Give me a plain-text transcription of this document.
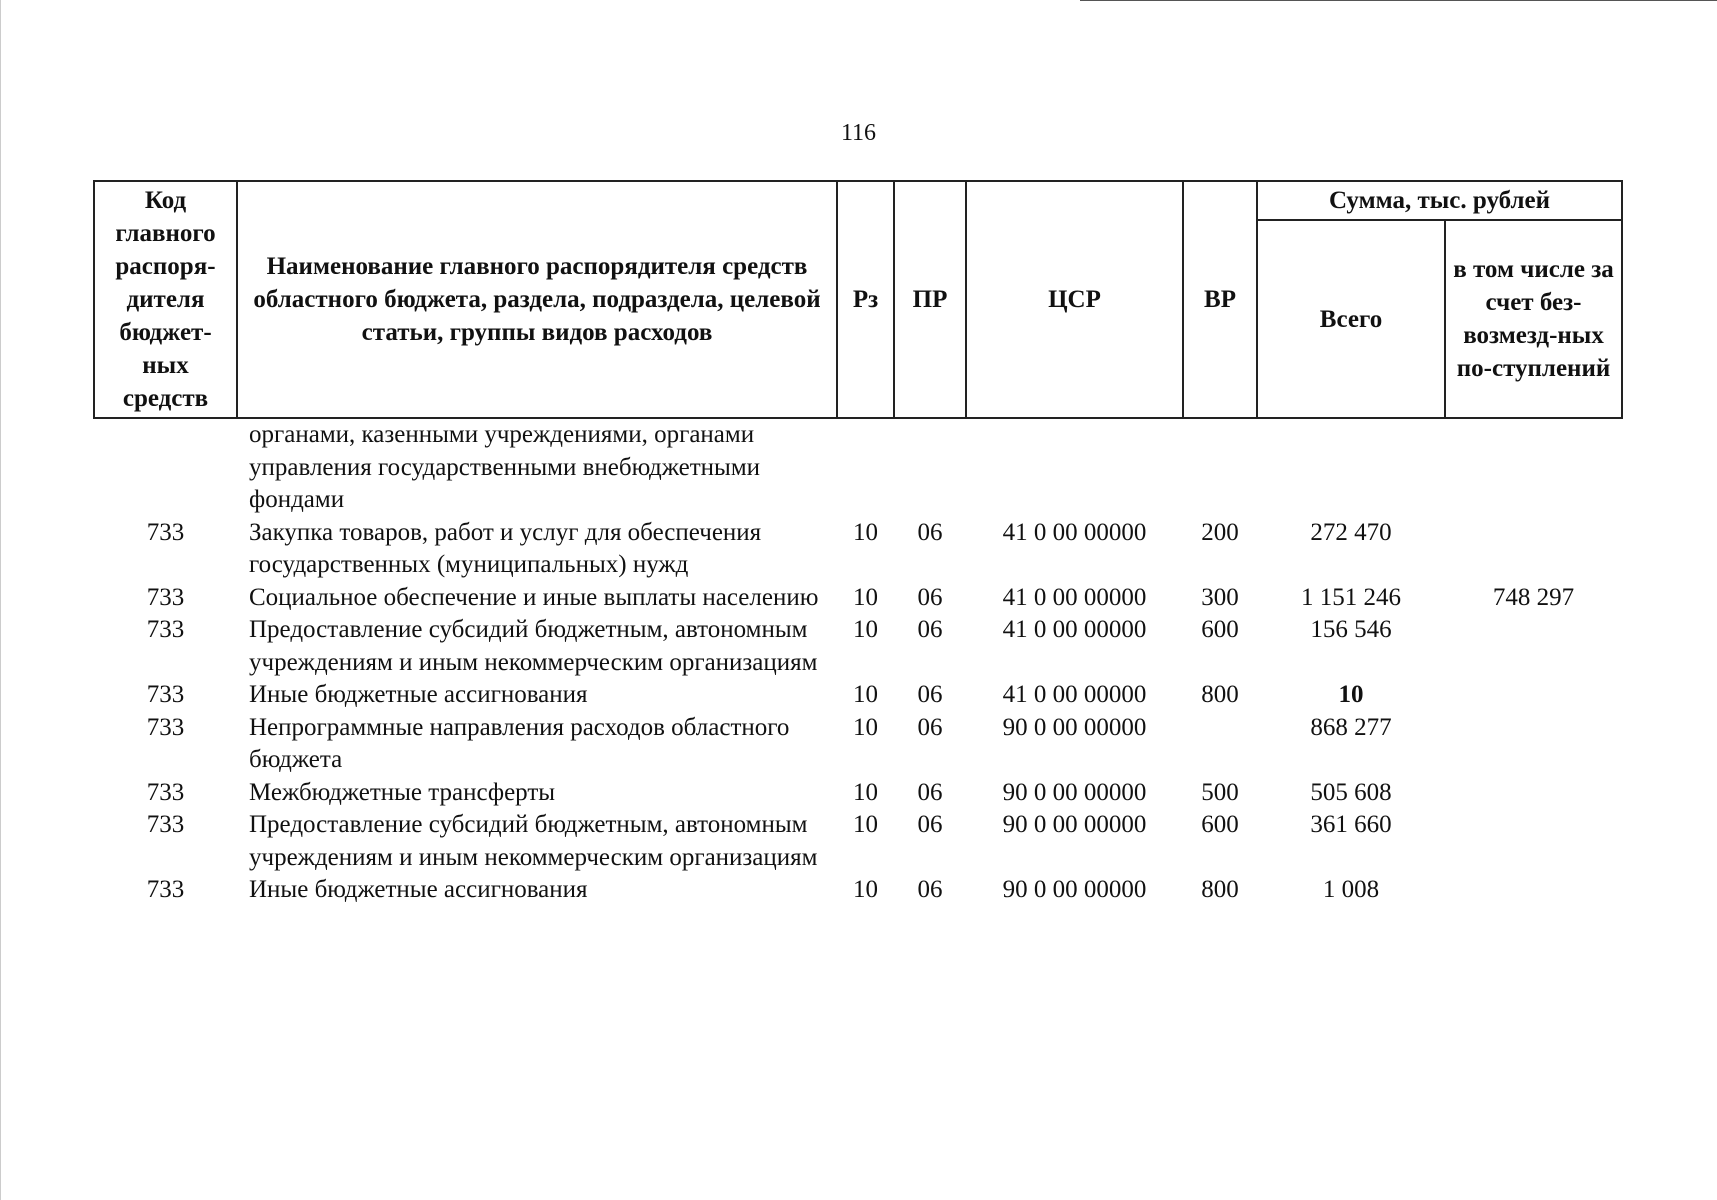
116
Код главного распоря-дителя бюджет-ных средств	Наименование главного распорядителя средств областного бюджета, раздела, подраздела, целевой статьи, группы видов расходов	Рз	ПР	ЦСР	ВР	Сумма, тыс. рублей	
						Всего	в том числе за счет без-возмезд-ных по-ступлений
	органами, казенными учреждениями, органами управления государственными внебюджетными фондами						
733	Закупка товаров, работ и услуг для обеспечения государственных (муниципальных) нужд	10	06	41 0 00 00000	200	272 470	
733	Социальное обеспечение и иные выплаты населению	10	06	41 0 00 00000	300	1 151 246	748 297
733	Предоставление субсидий бюджетным, автономным учреждениям и иным некоммерческим организациям	10	06	41 0 00 00000	600	156 546	
733	Иные бюджетные ассигнования	10	06	41 0 00 00000	800	10	
733	Непрограммные направления расходов областного бюджета	10	06	90 0 00 00000		868 277	
733	Межбюджетные трансферты	10	06	90 0 00 00000	500	505 608	
733	Предоставление субсидий бюджетным, автономным учреждениям и иным некоммерческим организациям	10	06	90 0 00 00000	600	361 660	
733	Иные бюджетные ассигнования	10	06	90 0 00 00000	800	1 008	
